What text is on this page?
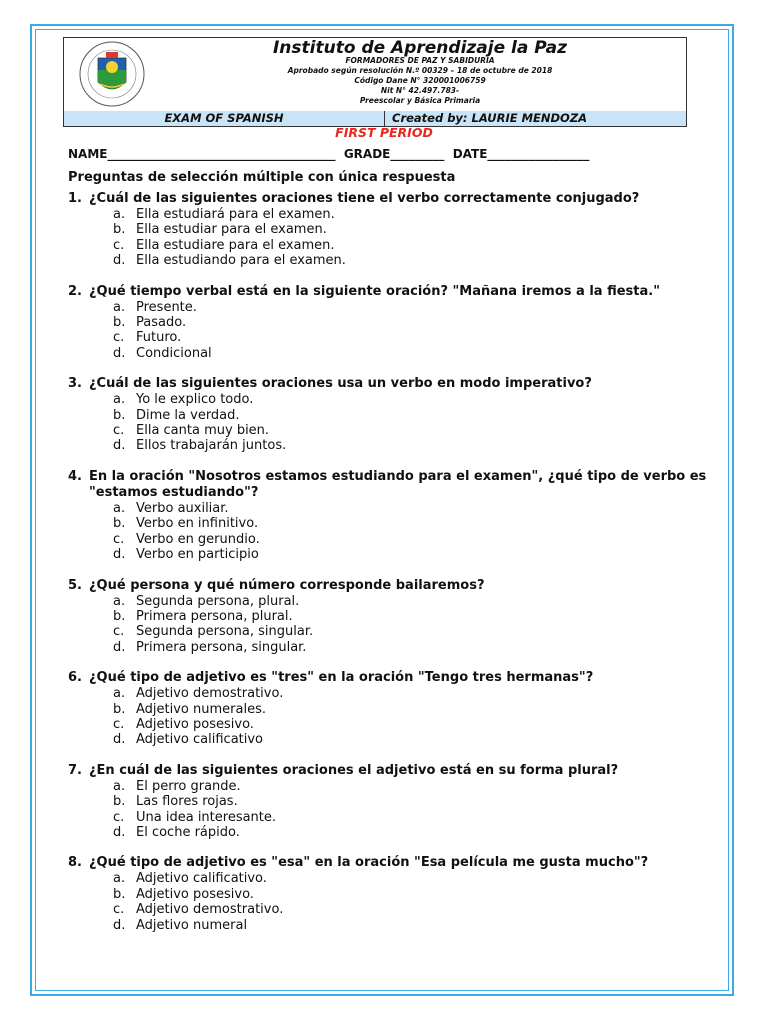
Instituto de Aprendizaje la Paz
FORMADORES DE PAZ Y SABIDURIA
Aprobado según resolución N.º 00329 – 18 de octubre de 2018
Código Dane N° 320001006759
Nit N° 42.497.783-
Preescolar y Básica Primaria
EXAM OF SPANISH	Created by: LAURIE MENDOZA
FIRST PERIOD
NAME______________________________________  GRADE_________  DATE_________________
Preguntas de selección múltiple con única respuesta
1. ¿Cuál de las siguientes oraciones tiene el verbo correctamente conjugado?
a. Ella estudiará para el examen.
b. Ella estudiar para el examen.
c. Ella estudiare para el examen.
d. Ella estudiando para el examen.
2. ¿Qué tiempo verbal está en la siguiente oración? "Mañana iremos a la fiesta."
a. Presente.
b. Pasado.
c. Futuro.
d. Condicional
3. ¿Cuál de las siguientes oraciones usa un verbo en modo imperativo?
a. Yo le explico todo.
b. Dime la verdad.
c. Ella canta muy bien.
d. Ellos trabajarán juntos.
4. En la oración "Nosotros estamos estudiando para el examen", ¿qué tipo de verbo es "estamos estudiando"?
a. Verbo auxiliar.
b. Verbo en infinitivo.
c. Verbo en gerundio.
d. Verbo en participio
5. ¿Qué persona y qué número corresponde bailaremos?
a. Segunda persona, plural.
b. Primera persona, plural.
c. Segunda persona, singular.
d. Primera persona, singular.
6. ¿Qué tipo de adjetivo es "tres" en la oración "Tengo tres hermanas"?
a. Adjetivo demostrativo.
b. Adjetivo numerales.
c. Adjetivo posesivo.
d. Adjetivo calificativo
7. ¿En cuál de las siguientes oraciones el adjetivo está en su forma plural?
a. El perro grande.
b. Las flores rojas.
c. Una idea interesante.
d. El coche rápido.
8. ¿Qué tipo de adjetivo es "esa" en la oración "Esa película me gusta mucho"?
a. Adjetivo calificativo.
b. Adjetivo posesivo.
c. Adjetivo demostrativo.
d. Adjetivo numeral
